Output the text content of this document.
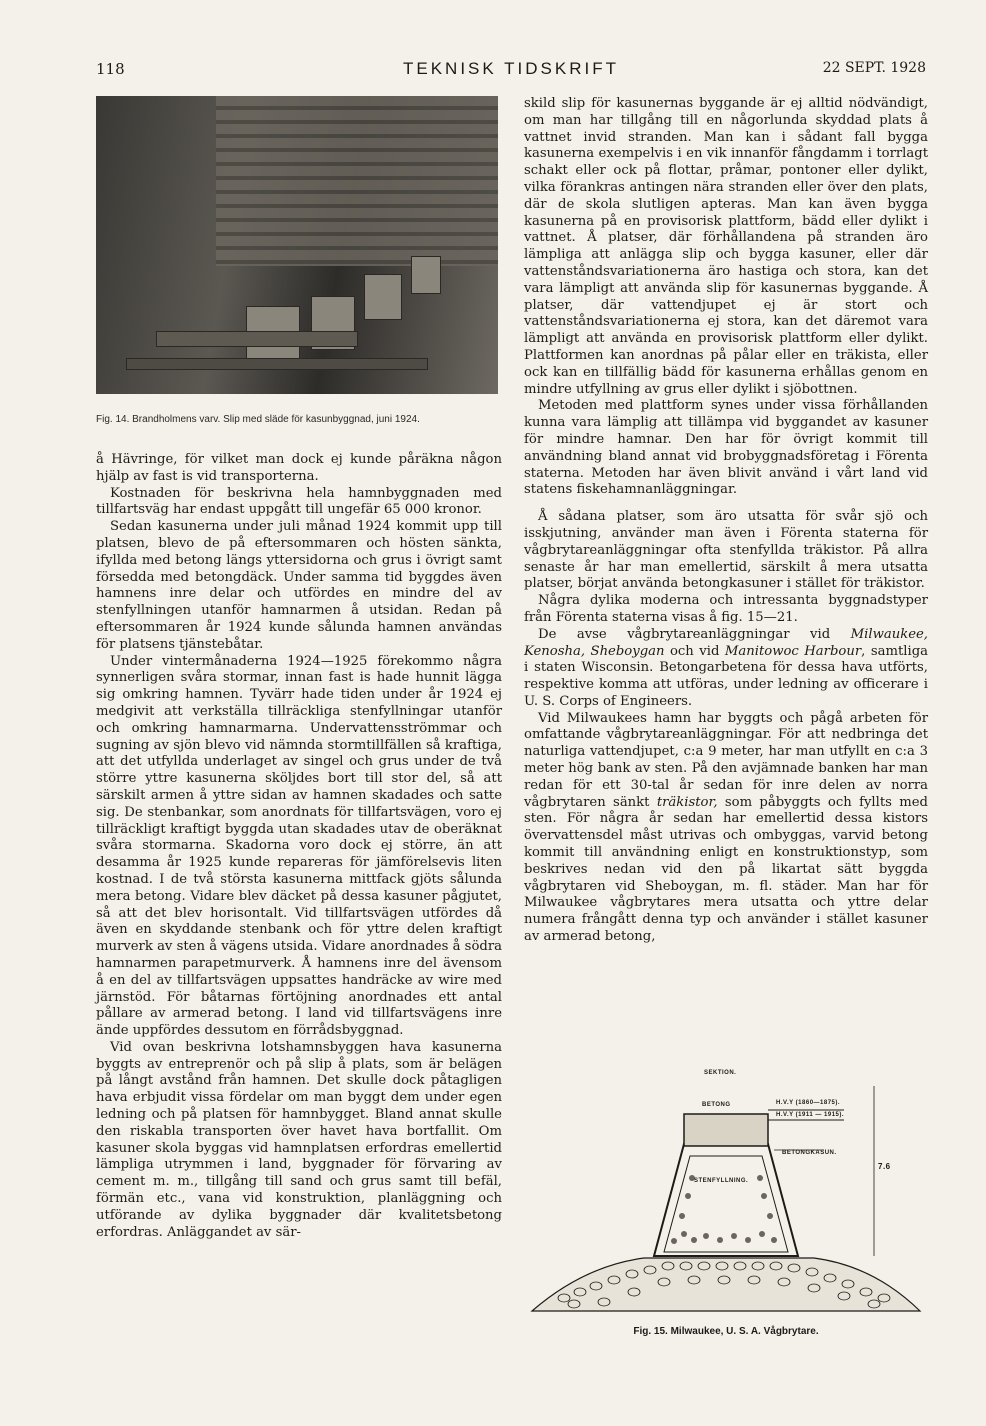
118	TEKNISK TIDSKRIFT	22 SEPT. 1928
Fig. 14. Brandholmens varv. Slip med släde för kasunbyggnad, juni 1924.

å Hävringe, för vilket man dock ej kunde påräkna någon hjälp av fast is vid transporterna.

Kostnaden för beskrivna hela hamnbyggnaden med tillfartsväg har endast uppgått till ungefär 65 000 kronor.

Sedan kasunerna under juli månad 1924 kommit upp till platsen, blevo de på eftersommaren och hösten sänkta, ifyllda med betong längs yttersidorna och grus i övrigt samt försedda med betongdäck. Under samma tid byggdes även hamnens inre delar och utfördes en mindre del av stenfyllningen utanför hamnarmen å utsidan. Redan på eftersommaren år 1924 kunde sålunda hamnen användas för platsens tjänstebåtar.

Under vintermånaderna 1924—1925 förekommo några synnerligen svåra stormar, innan fast is hade hunnit lägga sig omkring hamnen. Tyvärr hade tiden under år 1924 ej medgivit att verkställa tillräckliga stenfyllningar utanför och omkring hamnarmarna. Undervattensströmmar och sugning av sjön blevo vid nämnda stormtillfällen så kraftiga, att det utfyllda underlaget av singel och grus under de två större yttre kasunerna sköljdes bort till stor del, så att särskilt armen å yttre sidan av hamnen skadades och satte sig. De stenbankar, som anordnats för tillfartsvägen, voro ej tillräckligt kraftigt byggda utan skadades utav de oberäknat svåra stormarna. Skadorna voro dock ej större, än att desamma år 1925 kunde repareras för jämförelsevis liten kostnad. I de två största kasunerna mittfack gjöts sålunda mera betong. Vidare blev däcket på dessa kasuner pågjutet, så att det blev horisontalt. Vid tillfartsvägen utfördes då även en skyddande stenbank och för yttre delen kraftigt murverk av sten å vägens utsida. Vidare anordnades å södra hamnarmen parapetmurverk. Å hamnens inre del ävensom å en del av tillfartsvägen uppsattes handräcke av wire med järnstöd. För båtarnas förtöjning anordnades ett antal pållare av armerad betong. I land vid tillfartsvägens inre ände uppfördes dessutom en förrådsbyggnad.

Vid ovan beskrivna lotshamnsbyggen hava kasunerna byggts av entreprenör och på slip å plats, som är belägen på långt avstånd från hamnen. Det skulle dock påtagligen hava erbjudit vissa fördelar om man byggt dem under egen ledning och på platsen för hamnbygget. Bland annat skulle den riskabla transporten över havet hava bortfallit. Om kasuner skola byggas vid hamnplatsen erfordras emellertid lämpliga utrymmen i land, byggnader för förvaring av cement m. m., tillgång till sand och grus samt till befäl, förmän etc., vana vid konstruktion, planläggning och utförande av dylika byggnader där kvalitetsbetong erfordras. Anläggandet av sär-

skild slip för kasunernas byggande är ej alltid nödvändigt, om man har tillgång till en någorlunda skyddad plats å vattnet invid stranden. Man kan i sådant fall bygga kasunerna exempelvis i en vik innanför fångdamm i torrlagt schakt eller ock på flottar, pråmar, pontoner eller dylikt, vilka förankras antingen nära stranden eller över den plats, där de skola slutligen apteras. Man kan även bygga kasunerna på en provisorisk plattform, bädd eller dylikt i vattnet. Å platser, där förhållandena på stranden äro lämpliga att anlägga slip och bygga kasuner, eller där vattenståndsvariationerna äro hastiga och stora, kan det vara lämpligt att använda slip för kasunernas byggande. Å platser, där vattendjupet ej är stort och vattenståndsvariationerna ej stora, kan det däremot vara lämpligt att använda en provisorisk plattform eller dylikt. Plattformen kan anordnas på pålar eller en träkista, eller ock kan en tillfällig bädd för kasunerna erhållas genom en mindre utfyllning av grus eller dylikt i sjöbottnen.

Metoden med plattform synes under vissa förhållanden kunna vara lämplig att tillämpa vid byggandet av kasuner för mindre hamnar. Den har för övrigt kommit till användning bland annat vid brobyggnadsföretag i Förenta staterna. Metoden har även blivit använd i vårt land vid statens fiskehamnanläggningar.

Å sådana platser, som äro utsatta för svår sjö och isskjutning, använder man även i Förenta staterna för vågbrytareanläggningar ofta stenfyllda träkistor. På allra senaste år har man emellertid, särskilt å mera utsatta platser, börjat använda betongkasuner i stället för träkistor.

Några dylika moderna och intressanta byggnadstyper från Förenta staterna visas å fig. 15—21.

De avse vågbrytareanläggningar vid Milwaukee, Kenosha, Sheboygan och vid Manitowoc Harbour, samtliga i staten Wisconsin. Betongarbetena för dessa hava utförts, respektive komma att utföras, under ledning av officerare i U. S. Corps of Engineers.

Vid Milwaukees hamn har byggts och pågå arbeten för omfattande vågbrytareanläggningar. För att nedbringa det naturliga vattendjupet, c:a 9 meter, har man utfyllt en c:a 3 meter hög bank av sten. På den avjämnade banken har man redan för ett 30-tal år sedan för inre delen av norra vågbrytaren sänkt träkistor, som påbyggts och fyllts med sten. För några år sedan har emellertid dessa kistors övervattensdel måst utrivas och ombyggas, varvid betong kommit till användning enligt en konstruktionstyp, som beskrives nedan vid den på likartat sätt byggda vågbrytaren vid Sheboygan, m. fl. städer. Man har för Milwaukee vågbrytares mera utsatta och yttre delar numera frångått denna typ och använder i stället kasuner av armerad betong,

SEKTION.
BETONG	H.V.Y (1860—1875).
H.V.Y (1911 — 1915).
BETONGKASUN.
STENFYLLNING.
7.6
Fig. 15. Milwaukee, U. S. A. Vågbrytare.
